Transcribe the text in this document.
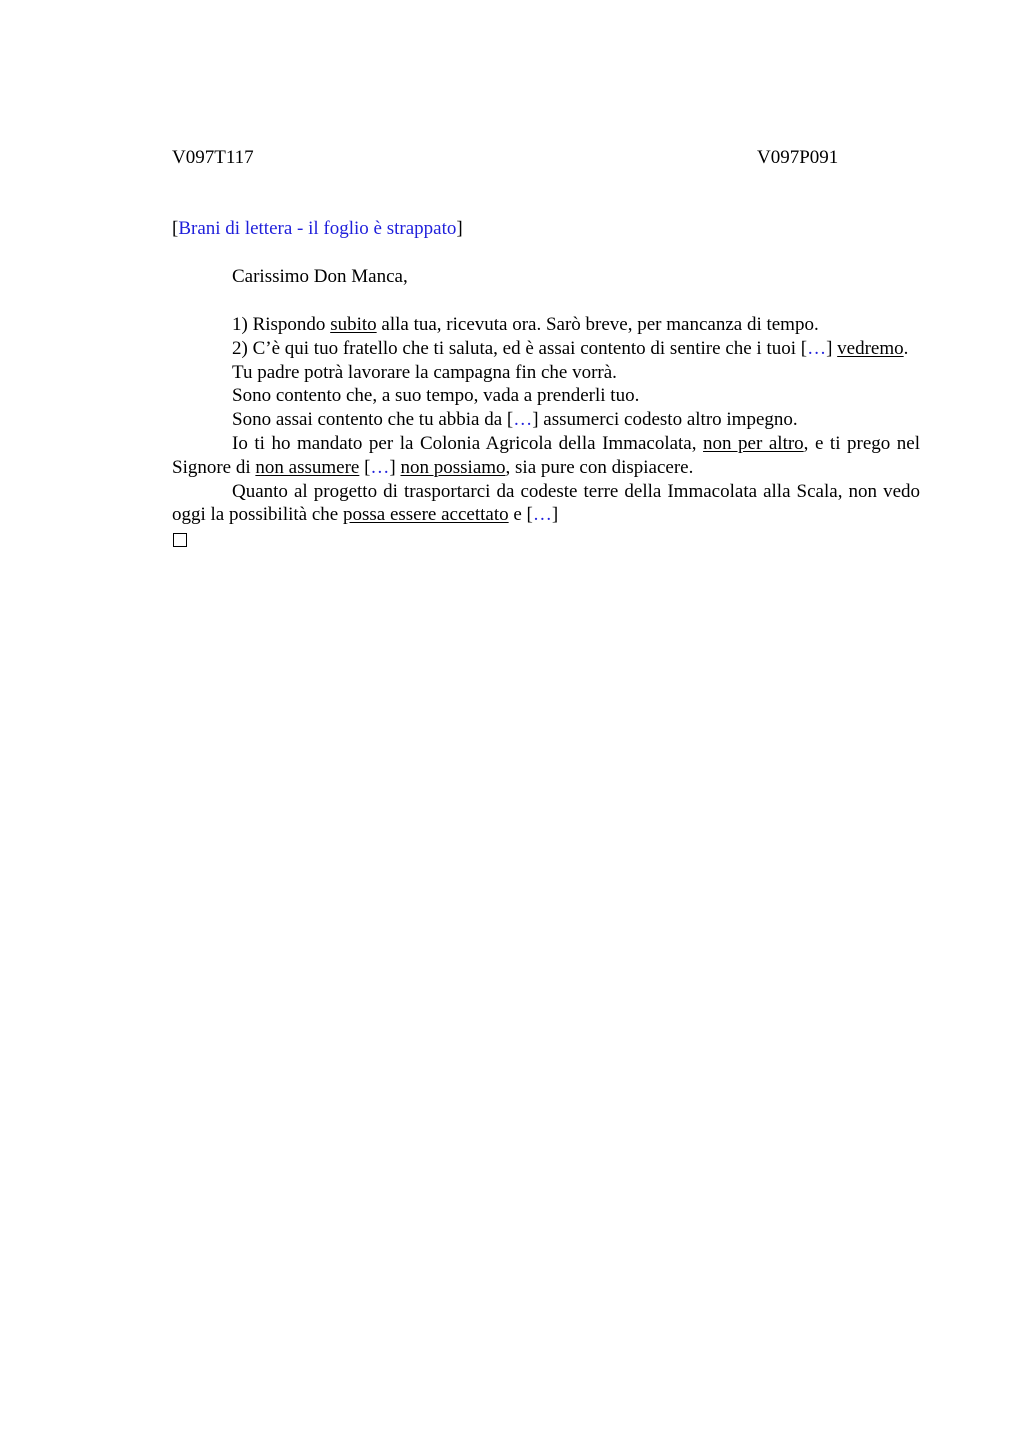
V097T117	V097P091
[Brani di lettera - il foglio è strappato]
Carissimo Don Manca,

1) Rispondo subito alla tua, ricevuta ora. Sarò breve, per mancanza di tempo.

2) C’è qui tuo fratello che ti saluta, ed è assai contento di sentire che i tuoi […] vedremo.

Tu padre potrà lavorare la campagna fin che vorrà.

Sono contento che, a suo tempo, vada a prenderli tuo.

Sono assai contento che tu abbia da […] assumerci codesto altro impegno.

Io ti ho mandato per la Colonia Agricola della Immacolata, non per altro, e ti prego nel Signore di non assumere […] non possiamo, sia pure con dispiacere.

Quanto al progetto di trasportarci da codeste terre della Immacolata alla Scala, non vedo oggi la possibilità che possa essere accettato e […]
